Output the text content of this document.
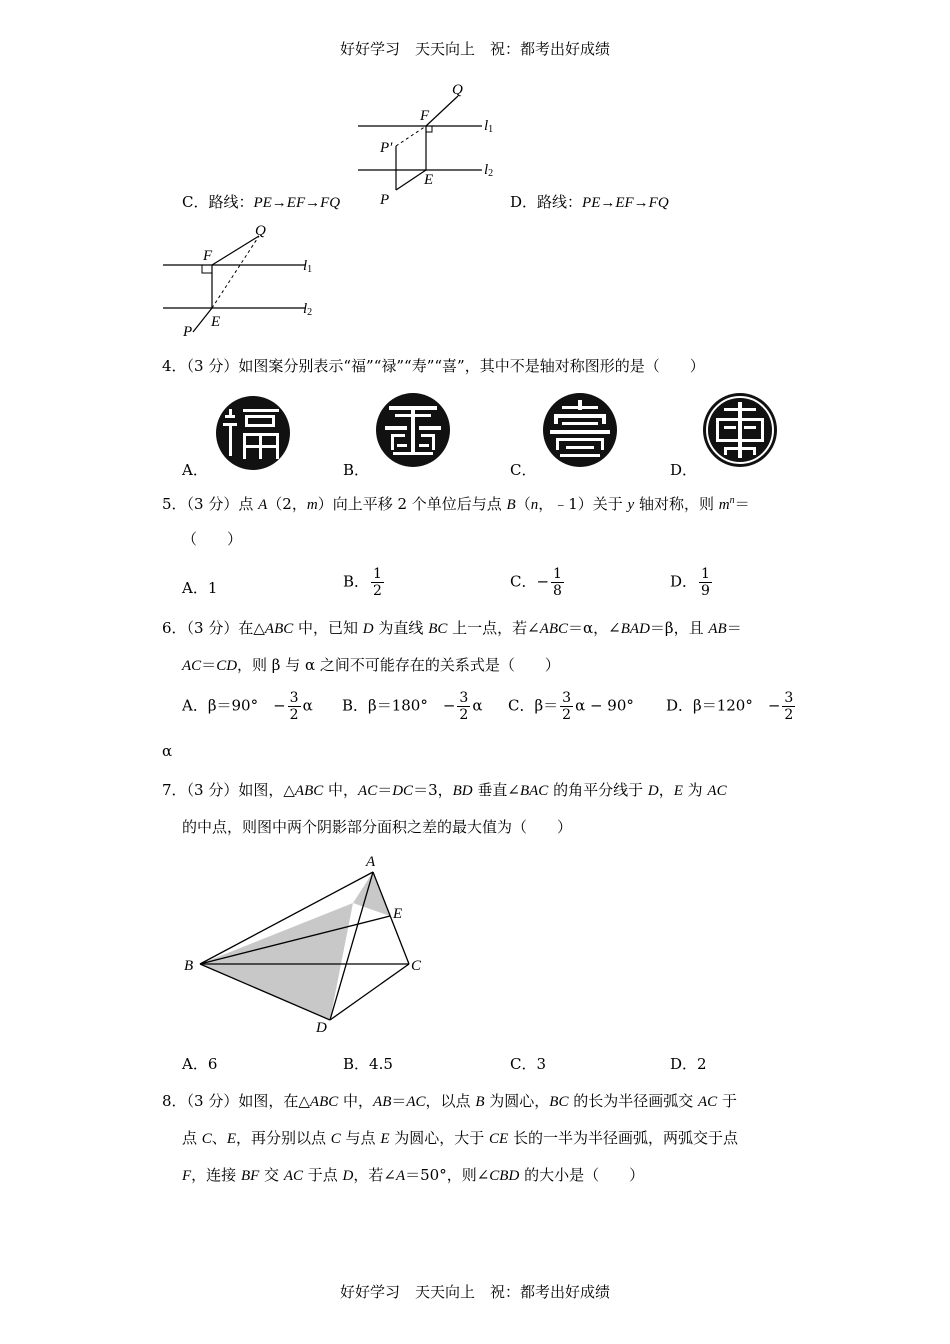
好好学习　天天向上　祝：都考出好成绩
Q
F
P′
E
P
l1
l2
C．路线：PE→EF→FQ	D．路线：PE→EF→FQ
Q
F
E
P
l1
l2
4．（3 分）如图案分别表示“福”“禄”“寿”“喜”，其中不是轴对称图形的是（　　）
A．	B．	C．	D．
5．（3 分）点 A（2，m）向上平移 2 个单位后与点 B（n，﹣1）关于 y 轴对称，则 $m^n=$
（　　）
A．1	B． $\frac{1}{2}$	C．− $\frac{1}{8}$	D． $\frac{1}{9}$
6．（3 分）在△ABC 中，已知 D 为直线 BC 上一点，若∠ABC＝α，∠BAD＝β，且 AB＝
AC＝CD，则 β 与 α 之间不可能存在的关系式是（　　）
A．β＝90°　− $\frac{3}{2}$ α B．β＝180°　− $\frac{3}{2}$ α C．$\beta= \frac{3}{2}$ α − 90° D．β＝120°　− $\frac{3}{2}$
α
7．（3 分）如图，△ABC 中，AC＝DC＝3，BD 垂直∠BAC 的角平分线于 D，E 为 AC
的中点，则图中两个阴影部分面积之差的最大值为（　　）
A
B	C
D
E
A．6	B．4.5	C．3	D．2
8．（3 分）如图，在△ABC 中，AB＝AC，以点 B 为圆心，BC 的长为半径画弧交 AC 于
点 C、E，再分别以点 C 与点 E 为圆心，大于 CE 长的一半为半径画弧，两弧交于点
F，连接 BF 交 AC 于点 D，若∠A＝50°，则∠CBD 的大小是（　　）
好好学习　天天向上　祝：都考出好成绩
